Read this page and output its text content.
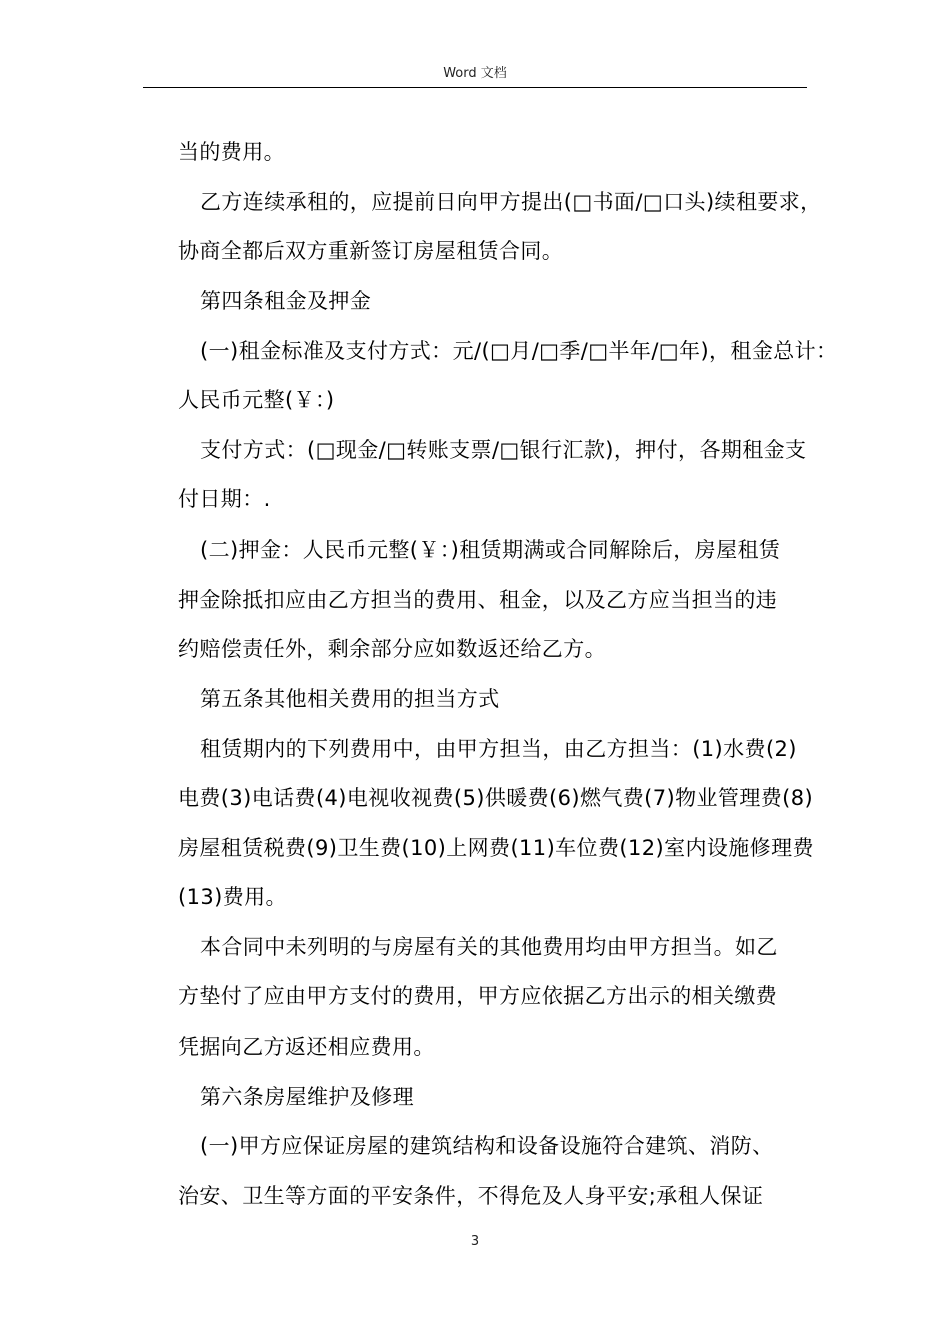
Word 文档
当的费用。
乙方连续承租的，应提前日向甲方提出(□书面/□口头)续租要求，
协商全都后双方重新签订房屋租赁合同。
第四条租金及押金
(一)租金标准及支付方式：元/(□月/□季/□半年/□年)，租金总计：
人民币元整(￥：)
支付方式：(□现金/□转账支票/□银行汇款)，押付，各期租金支
付日期：.
(二)押金：人民币元整(￥：)租赁期满或合同解除后，房屋租赁
押金除抵扣应由乙方担当的费用、租金，以及乙方应当担当的违
约赔偿责任外，剩余部分应如数返还给乙方。
第五条其他相关费用的担当方式
租赁期内的下列费用中，由甲方担当，由乙方担当：(1)水费(2)
电费(3)电话费(4)电视收视费(5)供暖费(6)燃气费(7)物业管理费(8)
房屋租赁税费(9)卫生费(10)上网费(11)车位费(12)室内设施修理费
(13)费用。
本合同中未列明的与房屋有关的其他费用均由甲方担当。如乙
方垫付了应由甲方支付的费用，甲方应依据乙方出示的相关缴费
凭据向乙方返还相应费用。
第六条房屋维护及修理
(一)甲方应保证房屋的建筑结构和设备设施符合建筑、消防、
治安、卫生等方面的平安条件，不得危及人身平安;承租人保证
3
